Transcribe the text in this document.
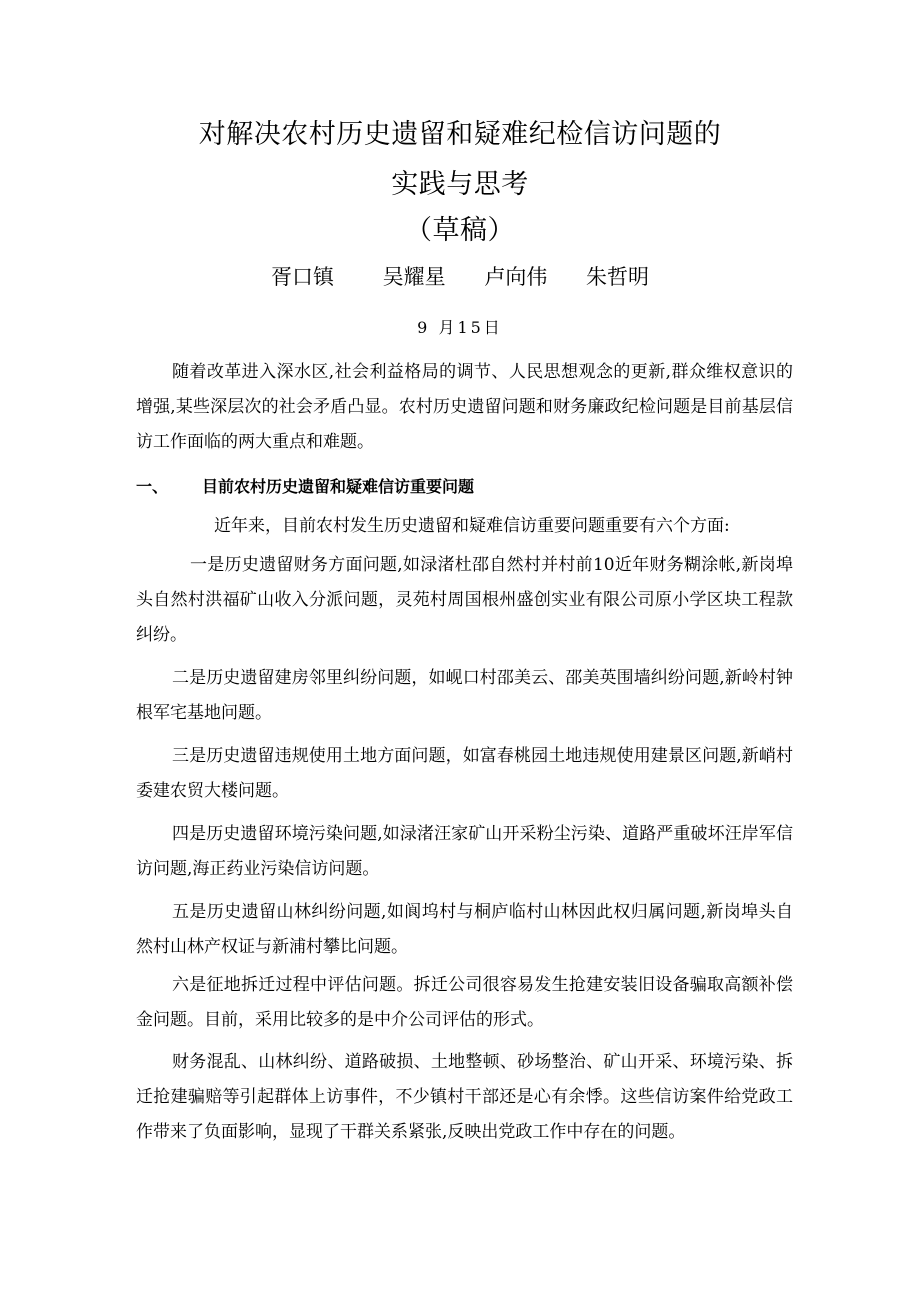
对解决农村历史遗留和疑难纪检信访问题的
实践与思考
（草稿）
胥口镇 吴耀星 卢向伟 朱哲明
9 月15日

随着改革进入深水区,社会利益格局的调节、人民思想观念的更新,群众维权意识的增强,某些深层次的社会矛盾凸显。农村历史遗留问题和财务廉政纪检问题是目前基层信访工作面临的两大重点和难题。

一、 目前农村历史遗留和疑难信访重要问题

近年来，目前农村发生历史遗留和疑难信访重要问题重要有六个方面:

一是历史遗留财务方面问题,如渌渚杜邵自然村并村前10近年财务糊涂帐,新岗埠头自然村洪福矿山收入分派问题，灵苑村周国根州盛创实业有限公司原小学区块工程款纠纷。

二是历史遗留建房邻里纠纷问题，如岘口村邵美云、邵美英围墙纠纷问题,新岭村钟根军宅基地问题。

三是历史遗留违规使用土地方面问题，如富春桃园土地违规使用建景区问题,新峭村委建农贸大楼问题。

四是历史遗留环境污染问题,如渌渚汪家矿山开采粉尘污染、道路严重破坏汪岸军信访问题,海正药业污染信访问题。

五是历史遗留山林纠纷问题,如阆坞村与桐庐临村山林因此权归属问题,新岗埠头自然村山林产权证与新浦村攀比问题。

六是征地拆迁过程中评估问题。拆迁公司很容易发生抢建安装旧设备骗取高额补偿金问题。目前，采用比较多的是中介公司评估的形式。

财务混乱、山林纠纷、道路破损、土地整顿、砂场整治、矿山开采、环境污染、拆迁抢建骗赔等引起群体上访事件，不少镇村干部还是心有余悸。这些信访案件给党政工作带来了负面影响，显现了干群关系紧张,反映出党政工作中存在的问题。
